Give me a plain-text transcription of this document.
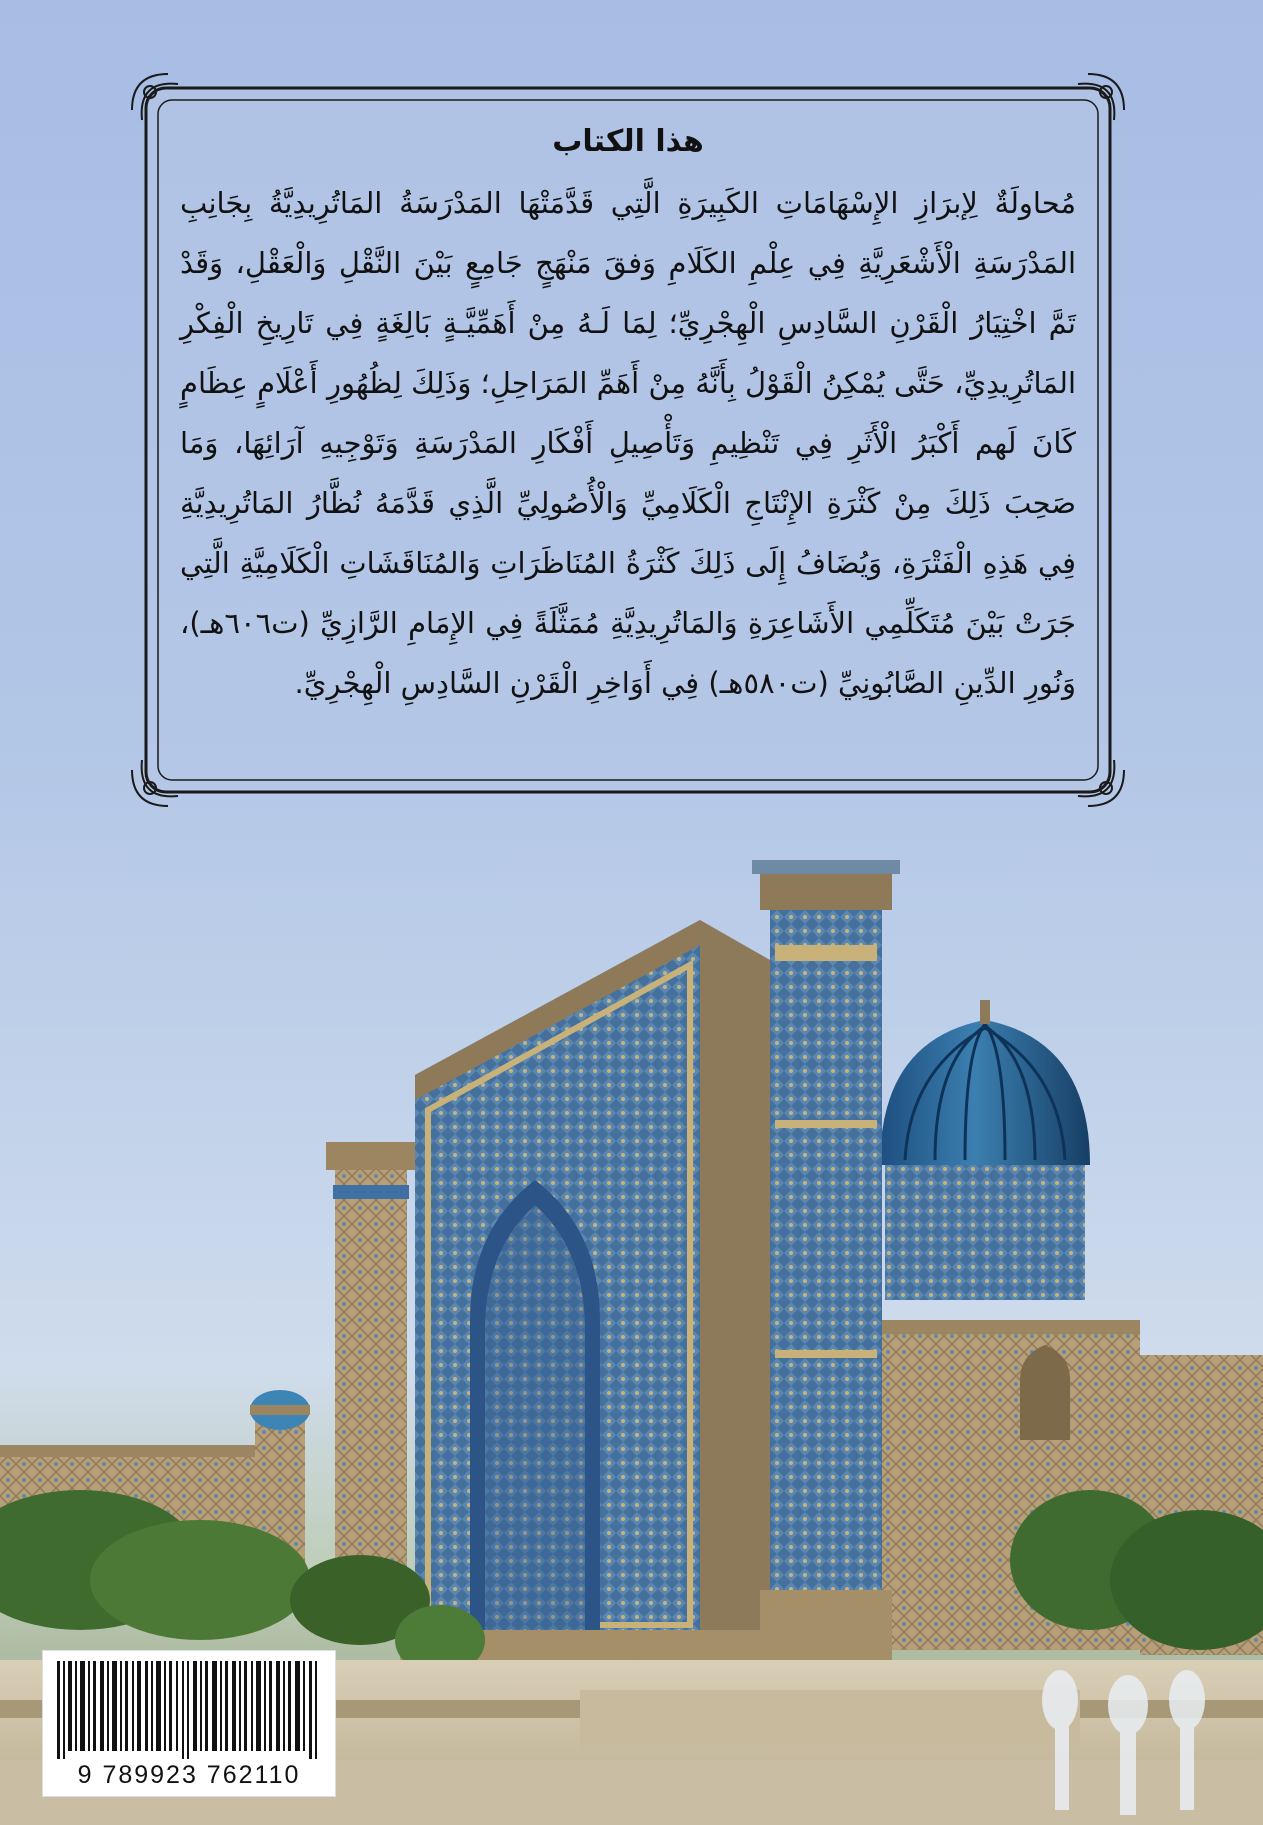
هذا الكتاب

مُحاولَةٌ لِإبرَازِ الإِسْهَامَاتِ الكَبِيرَةِ الَّتِي قَدَّمَتْهَا المَدْرَسَةُ المَاتُرِيدِيَّةُ بِجَانِبِ المَدْرَسَةِ الْأَشْعَرِيَّةِ فِي عِلْمِ الكَلَامِ وَفقَ مَنْهَجٍ جَامِعٍ بَيْنَ النَّقْلِ وَالْعَقْلِ، وَقَدْ تَمَّ اخْتِيَارُ الْقَرْنِ السَّادِسِ الْهِجْرِيِّ؛ لِمَا لَـهُ مِنْ أَهَمِّيَّـةٍ بَالِغَةٍ فِي تَارِيخِ الْفِكْرِ المَاتُرِيدِيِّ، حَتَّى يُمْكِنُ الْقَوْلُ بِأَنَّهُ مِنْ أَهَمِّ المَرَاحِلِ؛ وَذَلِكَ لِظُهُورِ أَعْلَامٍ عِظَامٍ كَانَ لَهم أَكْبَرُ الْأَثَرِ فِي تَنْظِيمِ وَتَأْصِيلِ أَفْكَارِ المَدْرَسَةِ وَتَوْجِيهِ آرَائِهَا، وَمَا صَحِبَ ذَلِكَ مِنْ كَثْرَةِ الإِنْتَاجِ الْكَلَامِيِّ وَالْأُصُولِيِّ الَّذِي قَدَّمَهُ نُظَّارُ المَاتُرِيدِيَّةِ فِي هَذِهِ الْفَتْرَةِ، وَيُضَافُ إِلَى ذَلِكَ كَثْرَةُ المُنَاظَرَاتِ وَالمُنَاقَشَاتِ الْكَلَامِيَّةِ الَّتِي جَرَتْ بَيْنَ مُتَكَلِّمِي الأَشَاعِرَةِ وَالمَاتُرِيدِيَّةِ مُمَثَّلَةً فِي الإِمَامِ الرَّازِيِّ (ت٦٠٦هـ)، وَنُورِ الدِّينِ الصَّابُونِيِّ (ت٥٨٠هـ) فِي أَوَاخِرِ الْقَرْنِ السَّادِسِ الْهِجْرِيِّ.

9 789923 762110
